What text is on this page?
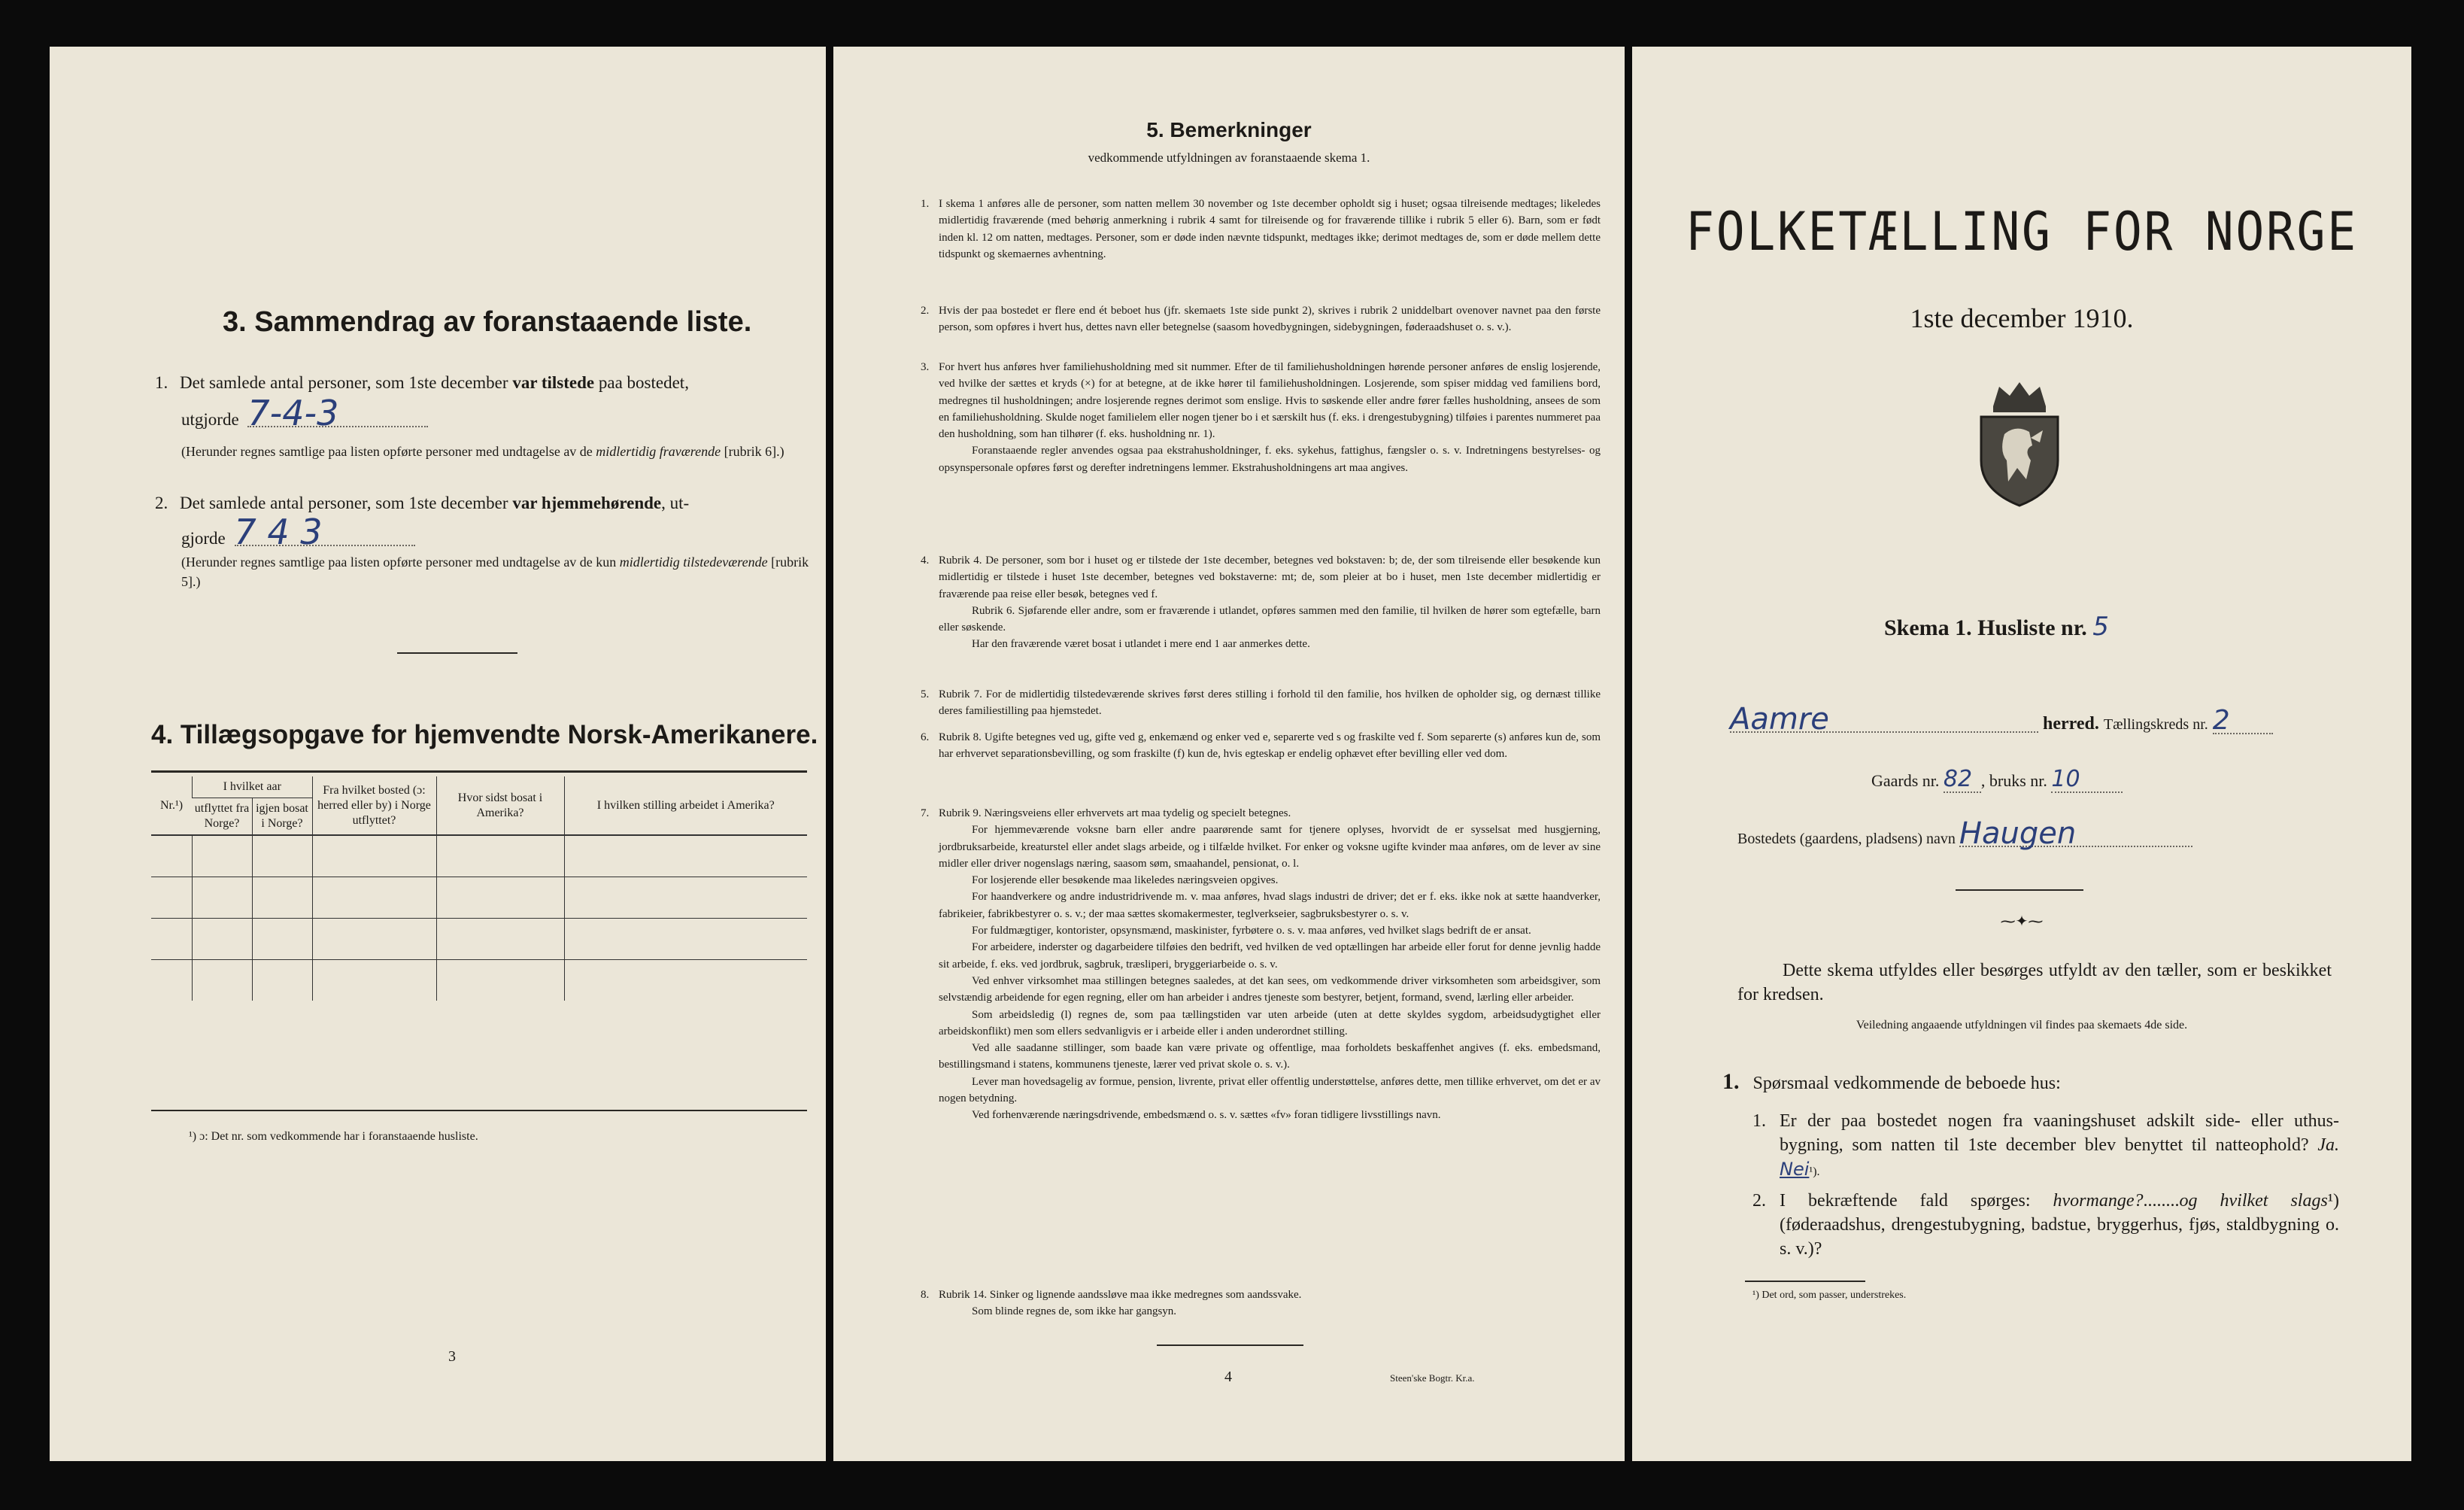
3. Sammendrag av foranstaaende liste.
1. Det samlede antal personer, som 1ste december var tilstede paa bostedet,
utgjorde 7-4-3
(Herunder regnes samtlige paa listen opførte personer med undtagelse av de midlertidig fraværende [rubrik 6].)
2. Det samlede antal personer, som 1ste december var hjemmehørende, ut-
gjorde 7 4 3
(Herunder regnes samtlige paa listen opførte personer med undtagelse av de kun midlertidig tilstedeværende [rubrik 5].)
4. Tillægsopgave for hjemvendte Norsk-Amerikanere.
Nr.¹)	I hvilket aar		Fra hvilket bosted (ɔ: herred eller by) i Norge utflyttet?	Hvor sidst bosat i Amerika?	I hvilken stilling arbeidet i Amerika?
	utflyttet fra Norge?	igjen bosat i Norge?			

¹) ɔ: Det nr. som vedkommende har i foranstaaende husliste.
3
5. Bemerkninger
vedkommende utfyldningen av foranstaaende skema 1.
1. I skema 1 anføres alle de personer, som natten mellem 30 november og 1ste december opholdt sig i huset; ogsaa tilreisende medtages; likeledes midlertidig fraværende (med behørig anmerkning i rubrik 4 samt for tilreisende og for fraværende tillike i rubrik 5 eller 6). Barn, som er født inden kl. 12 om natten, medtages. Personer, som er døde inden nævnte tidspunkt, medtages ikke; derimot medtages de, som er døde mellem dette tidspunkt og skemaernes avhentning.

2. Hvis der paa bostedet er flere end ét beboet hus (jfr. skemaets 1ste side punkt 2), skrives i rubrik 2 uniddelbart ovenover navnet paa den første person, som opføres i hvert hus, dettes navn eller betegnelse (saasom hovedbygningen, sidebygningen, føderaadshuset o. s. v.).

3. For hvert hus anføres hver familiehusholdning med sit nummer. Efter de til familiehusholdningen hørende personer anføres de enslig losjerende, ved hvilke der sættes et kryds (×) for at betegne, at de ikke hører til familiehusholdningen. Losjerende, som spiser middag ved familiens bord, medregnes til husholdningen; andre losjerende regnes derimot som enslige. Hvis to søskende eller andre fører fælles husholdning, ansees de som en familiehusholdning. Skulde noget familielem eller nogen tjener bo i et særskilt hus (f. eks. i drengestubygning) tilføies i parentes nummeret paa den husholdning, som han tilhører (f. eks. husholdning nr. 1).

Foranstaaende regler anvendes ogsaa paa ekstrahusholdninger, f. eks. sykehus, fattighus, fængsler o. s. v. Indretningens bestyrelses- og opsynspersonale opføres først og derefter indretningens lemmer. Ekstrahusholdningens art maa angives.

4. Rubrik 4. De personer, som bor i huset og er tilstede der 1ste december, betegnes ved bokstaven: b; de, der som tilreisende eller besøkende kun midlertidig er tilstede i huset 1ste december, betegnes ved bokstaverne: mt; de, som pleier at bo i huset, men 1ste december midlertidig er fraværende paa reise eller besøk, betegnes ved f.

Rubrik 6. Sjøfarende eller andre, som er fraværende i utlandet, opføres sammen med den familie, til hvilken de hører som egtefælle, barn eller søskende.

Har den fraværende været bosat i utlandet i mere end 1 aar anmerkes dette.

5. Rubrik 7. For de midlertidig tilstedeværende skrives først deres stilling i forhold til den familie, hos hvilken de opholder sig, og dernæst tillike deres familiestilling paa hjemstedet.

6. Rubrik 8. Ugifte betegnes ved ug, gifte ved g, enkemænd og enker ved e, separerte ved s og fraskilte ved f. Som separerte (s) anføres kun de, som har erhvervet separationsbevilling, og som fraskilte (f) kun de, hvis egteskap er endelig ophævet efter bevilling eller ved dom.

7. Rubrik 9. Næringsveiens eller erhvervets art maa tydelig og specielt betegnes.

For hjemmeværende voksne barn eller andre paarørende samt for tjenere oplyses, hvorvidt de er sysselsat med husgjerning, jordbruksarbeide, kreaturstel eller andet slags arbeide, og i tilfælde hvilket. For enker og voksne ugifte kvinder maa anføres, om de lever av sine midler eller driver nogenslags næring, saasom søm, smaahandel, pensionat, o. l.

For losjerende eller besøkende maa likeledes næringsveien opgives.

For haandverkere og andre industridrivende m. v. maa anføres, hvad slags industri de driver; det er f. eks. ikke nok at sætte haandverker, fabrikeier, fabrikbestyrer o. s. v.; der maa sættes skomakermester, teglverkseier, sagbruksbestyrer o. s. v.

For fuldmægtiger, kontorister, opsynsmænd, maskinister, fyrbøtere o. s. v. maa anføres, ved hvilket slags bedrift de er ansat.

For arbeidere, inderster og dagarbeidere tilføies den bedrift, ved hvilken de ved optællingen har arbeide eller forut for denne jevnlig hadde sit arbeide, f. eks. ved jordbruk, sagbruk, træsliperi, bryggeriarbeide o. s. v.

Ved enhver virksomhet maa stillingen betegnes saaledes, at det kan sees, om vedkommende driver virksomheten som arbeidsgiver, som selvstændig arbeidende for egen regning, eller om han arbeider i andres tjeneste som bestyrer, betjent, formand, svend, lærling eller arbeider.

Som arbeidsledig (l) regnes de, som paa tællingstiden var uten arbeide (uten at dette skyldes sygdom, arbeidsudygtighet eller arbeidskonflikt) men som ellers sedvanligvis er i arbeide eller i anden underordnet stilling.

Ved alle saadanne stillinger, som baade kan være private og offentlige, maa forholdets beskaffenhet angives (f. eks. embedsmand, bestillingsmand i statens, kommunens tjeneste, lærer ved privat skole o. s. v.).

Lever man hovedsagelig av formue, pension, livrente, privat eller offentlig understøttelse, anføres dette, men tillike erhvervet, om det er av nogen betydning.

Ved forhenværende næringsdrivende, embedsmænd o. s. v. sættes «fv» foran tidligere livsstillings navn.

8. Rubrik 14. Sinker og lignende aandssløve maa ikke medregnes som aandssvake.

Som blinde regnes de, som ikke har gangsyn.

4	Steen'ske Bogtr. Kr.a.
FOLKETÆLLING FOR NORGE
1ste december 1910.
Skema 1. Husliste nr. 5
Aamre	herred. Tællingskreds nr. 2
Gaards nr. 82 , bruks nr. 10
Bostedets (gaardens, pladsens) navn Haugen
⁓✦⁓
Dette skema utfyldes eller besørges utfyldt av den tæller, som er beskikket for kredsen.
Veiledning angaaende utfyldningen vil findes paa skemaets 4de side.
1. Spørsmaal vedkommende de beboede hus:
1. Er der paa bostedet nogen fra vaaningshuset adskilt side- eller uthus-bygning, som natten til 1ste december blev benyttet til natteophold? Ja. Nei¹).
2. I bekræftende fald spørges: hvormange?........og hvilket slags¹) (føderaadshus, drengestubygning, badstue, bryggerhus, fjøs, staldbygning o. s. v.)?
¹) Det ord, som passer, understrekes.
